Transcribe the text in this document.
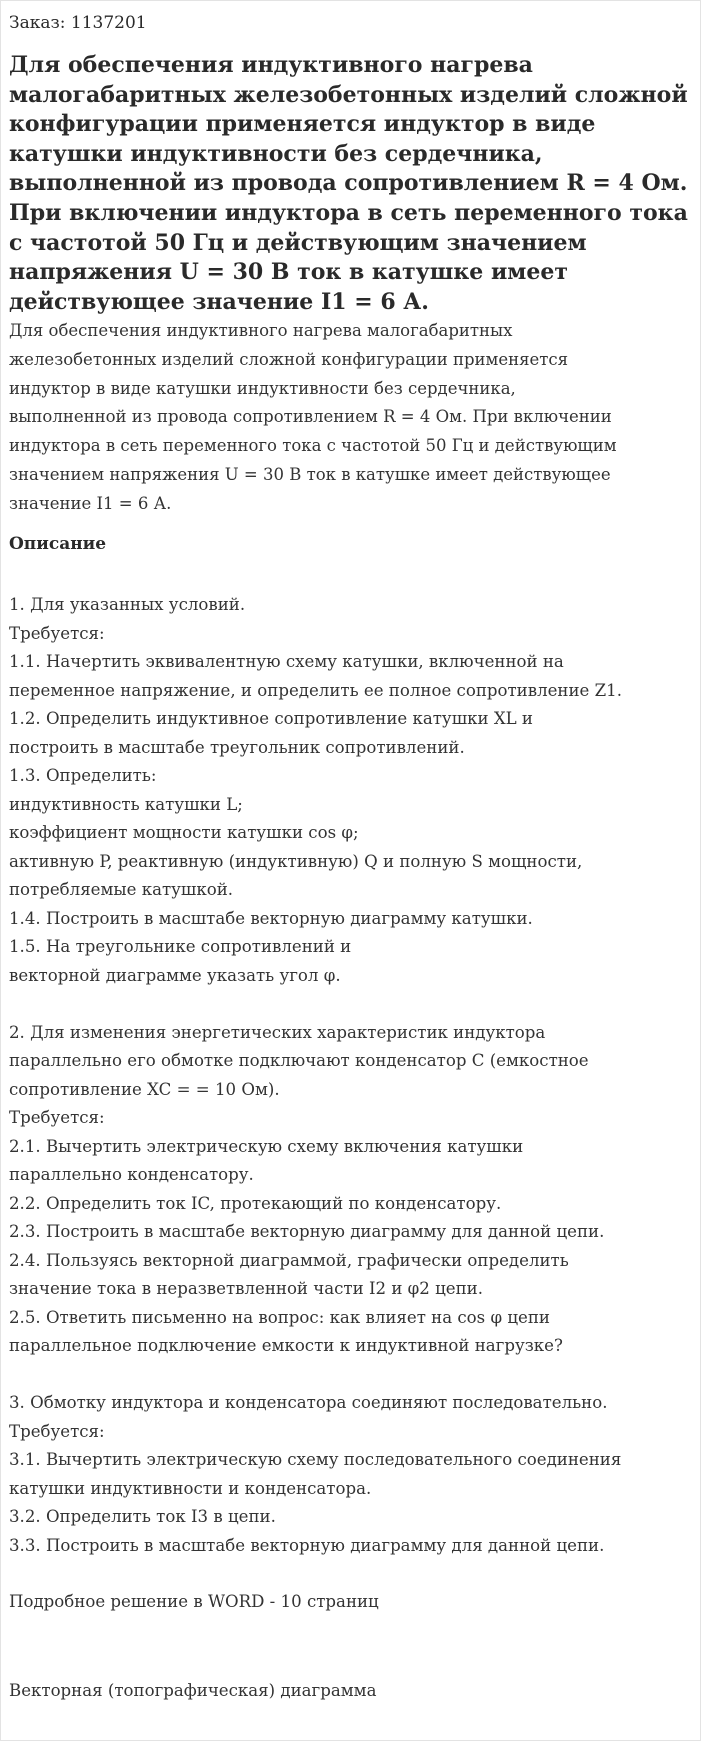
Заказ: 1137201
Для обеспечения индуктивного нагрева малогабаритных железобетонных изделий сложной конфигурации применяется индуктор в виде катушки индуктивности без сердечника, выполненной из провода сопротивлением R = 4 Ом. При включении индуктора в сеть переменного тока с частотой 50 Гц и действующим значением напряжения U = 30 В ток в катушке имеет действующее значение I1 = 6 А.
Для обеспечения индуктивного нагрева малогабаритных
железобетонных изделий сложной конфигурации применяется
индуктор в виде катушки индуктивности без сердечника,
выполненной из провода сопротивлением R = 4 Ом. При включении
индуктора в сеть переменного тока с частотой 50 Гц и действующим
значением напряжения U = 30 В ток в катушке имеет действующее
значение I1 = 6 А.
Описание
1. Для указанных условий.
Требуется:
1.1. Начертить эквивалентную схему катушки, включенной на
переменное напряжение, и определить ее полное сопротивление Z1.
1.2. Определить индуктивное сопротивление катушки XL и
построить в масштабе треугольник сопротивлений.
1.3. Определить:
индуктивность катушки L;
коэффициент мощности катушки cos φ;
активную P, реактивную (индуктивную) Q и полную S мощности,
потребляемые катушкой.
1.4. Построить в масштабе векторную диаграмму катушки.
1.5. На треугольнике сопротивлений и
векторной диаграмме указать угол φ.
2. Для изменения энергетических характеристик индуктора
параллельно его обмотке подключают конденсатор С (емкостное
сопротивление XC = = 10 Ом).
Требуется:
2.1. Вычертить электрическую схему включения катушки
параллельно конденсатору.
2.2. Определить ток IC, протекающий по конденсатору.
2.3. Построить в масштабе векторную диаграмму для данной цепи.
2.4. Пользуясь векторной диаграммой, графически определить
значение тока в неразветвленной части I2 и φ2 цепи.
2.5. Ответить письменно на вопрос: как влияет на cos φ цепи
параллельное подключение емкости к индуктивной нагрузке?
3. Обмотку индуктора и конденсатора соединяют последовательно.
Требуется:
3.1. Вычертить электрическую схему последовательного соединения
катушки индуктивности и конденсатора.
3.2. Определить ток I3 в цепи.
3.3. Построить в масштабе векторную диаграмму для данной цепи.
Подробное решение в WORD - 10 страниц
Векторная (топографическая) диаграмма
